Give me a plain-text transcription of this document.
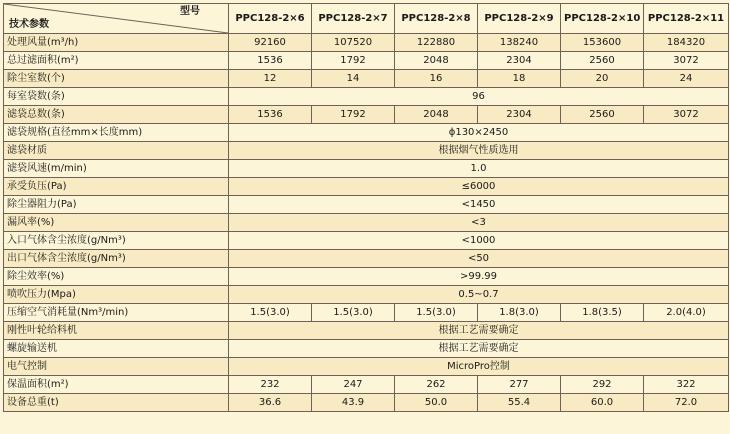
型号
技术参数	PPC128-2×6	PPC128-2×7	PPC128-2×8	PPC128-2×9	PPC128-2×10	PPC128-2×11
处理风量(m³/h)	92160	107520	122880	138240	153600	184320
总过滤面积(m²)	1536	1792	2048	2304	2560	3072
除尘室数(个)	12	14	16	18	20	24
每室袋数(条)	96					
滤袋总数(条)	1536	1792	2048	2304	2560	3072
滤袋规格(直径mm×长度mm)	ϕ130×2450					
滤袋材质	根据烟气性质选用					
滤袋风速(m/min)	1.0					
承受负压(Pa)	≤6000					
除尘器阻力(Pa)	<1450					
漏风率(%)	<3					
入口气体含尘浓度(g/Nm³)	<1000					
出口气体含尘浓度(g/Nm³)	<50					
除尘效率(%)	>99.99					
喷吹压力(Mpa)	0.5~0.7					
压缩空气消耗量(Nm³/min)	1.5(3.0)	1.5(3.0)	1.5(3.0)	1.8(3.0)	1.8(3.5)	2.0(4.0)
刚性叶轮给料机	根据工艺需要确定					
螺旋输送机	根据工艺需要确定					
电气控制	MicroPro控制					
保温面积(m²)	232	247	262	277	292	322
设备总重(t)	36.6	43.9	50.0	55.4	60.0	72.0
